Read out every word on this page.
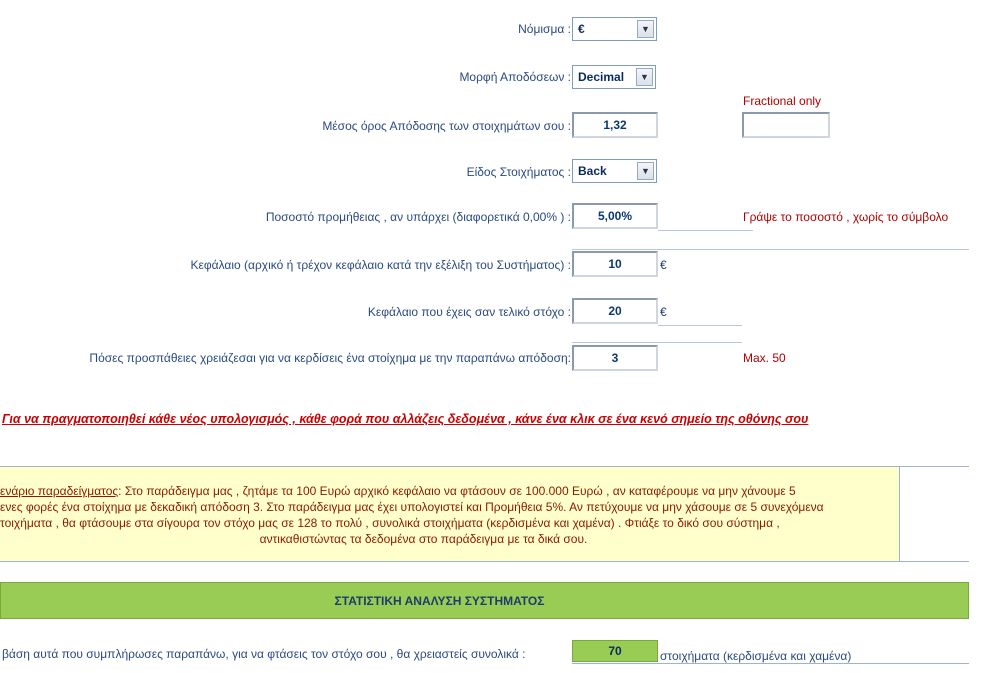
Νόμισμα : €	▼
Μορφή Αποδόσεων : Decimal	▼
Fractional only
Μέσος όρος Απόδοσης των στοιχημάτων σου :	1,32
Είδος Στοιχήματος : Back	▼
Ποσοστό προμήθειας , αν υπάρχει (διαφορετικά 0,00% ) :	5,00%	Γράψε το ποσοστό , χωρίς το σύμβολο
Κεφάλαιο (αρχικό ή τρέχον κεφάλαιο κατά την εξέλιξη του Συστήματος) :	10	€
Κεφάλαιο που έχεις σαν τελικό στόχο :	20	€
Πόσες προσπάθειες χρειάζεσαι για να κερδίσεις ένα στοίχημα με την παραπάνω απόδοση:	3	Max. 50
Για να πραγματοποιηθεί κάθε νέος υπολογισμός , κάθε φορά που αλλάζεις δεδομένα , κάνε ένα κλικ σε ένα κενό σημείο της οθόνης σου
ενάριο παραδείγματος: Στο παράδειγμα μας , ζητάμε τα 100 Ευρώ αρχικό κεφάλαιο να φτάσουν σε 100.000 Ευρώ , αν καταφέρουμε να μην χάνουμε 5
ενες φορές ένα στοίχημα με δεκαδική απόδοση 3. Στο παράδειγμα μας έχει υπολογιστεί και Προμήθεια 5%. Αν πετύχουμε να μην χάσουμε σε 5 συνεχόμενα
τοιχήματα , θα φτάσουμε στα σίγουρα τον στόχο μας σε 128 το πολύ , συνολικά στοιχήματα (κερδισμένα και χαμένα) . Φτιάξε το δικό σου σύστημα ,
αντικαθιστώντας τα δεδομένα στο παράδειγμα με τα δικά σου.
ΣΤΑΤΙΣΤΙΚΗ ΑΝΑΛΥΣΗ ΣΥΣΤΗΜΑΤΟΣ
βάση αυτά που συμπλήρωσες παραπάνω, για να φτάσεις τον στόχο σου , θα χρειαστείς συνολικά :	70	στοιχήματα (κερδισμένα και χαμένα)
